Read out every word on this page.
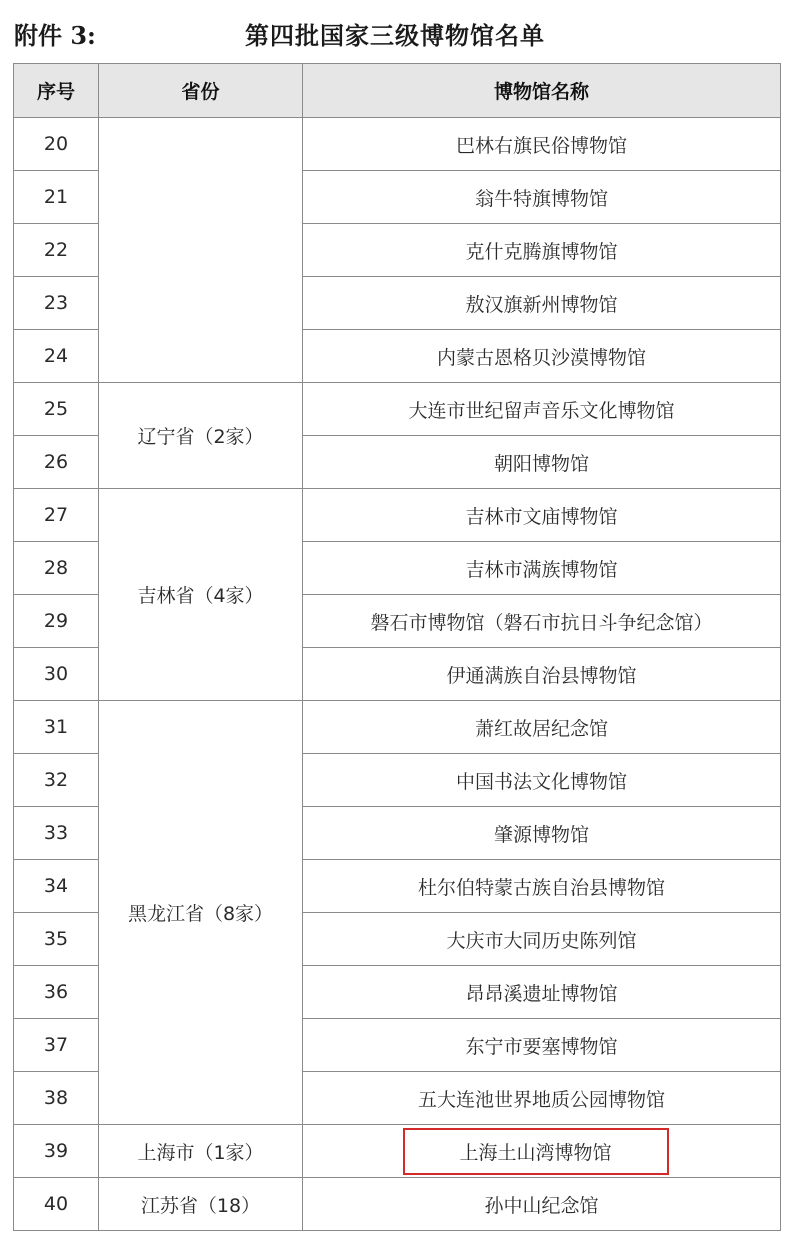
附件 3:	第四批国家三级博物馆名单
序号	省份	博物馆名称
20		巴林右旗民俗博物馆
21		翁牛特旗博物馆
22		克什克腾旗博物馆
23		敖汉旗新州博物馆
24		内蒙古恩格贝沙漠博物馆
25	辽宁省（2家）	大连市世纪留声音乐文化博物馆
26		朝阳博物馆
27	吉林省（4家）	吉林市文庙博物馆
28		吉林市满族博物馆
29		磐石市博物馆（磐石市抗日斗争纪念馆）
30		伊通满族自治县博物馆
31	黑龙江省（8家）	萧红故居纪念馆
32		中国书法文化博物馆
33		肇源博物馆
34		杜尔伯特蒙古族自治县博物馆
35		大庆市大同历史陈列馆
36		昂昂溪遗址博物馆
37		东宁市要塞博物馆
38		五大连池世界地质公园博物馆
39	上海市（1家）	上海土山湾博物馆
40	江苏省（18）	孙中山纪念馆
